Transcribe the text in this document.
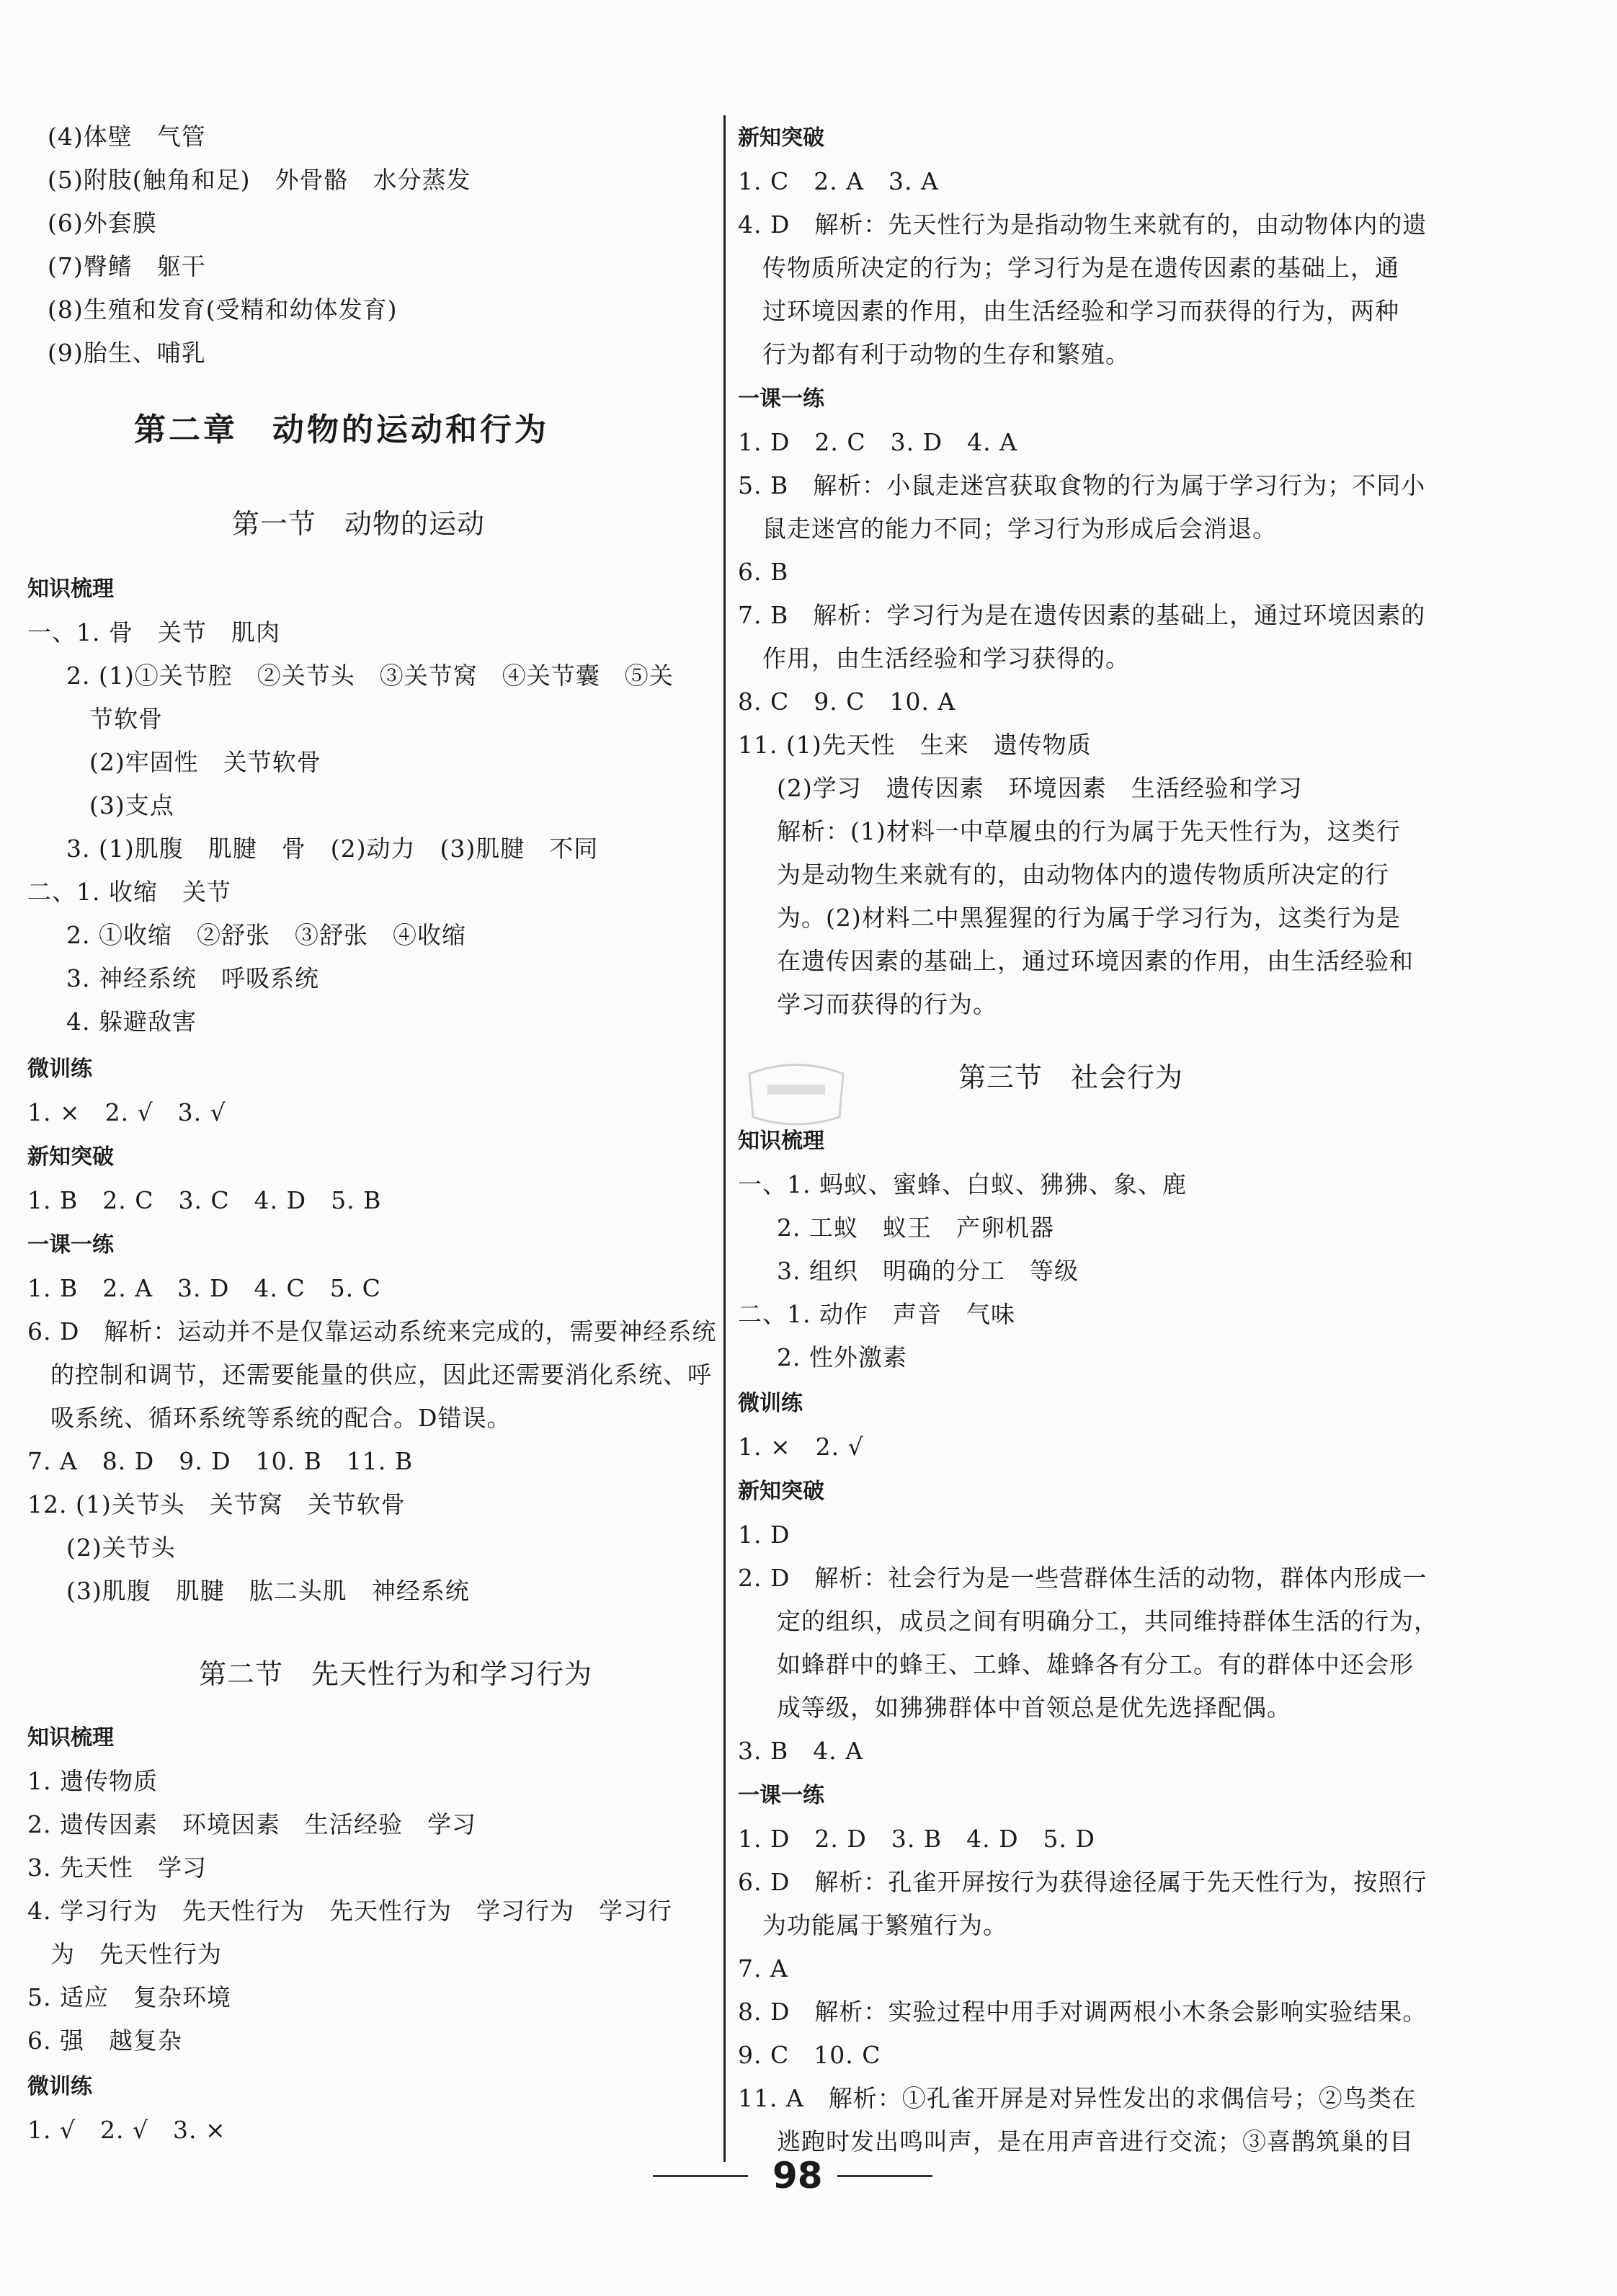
(4)体壁　气管
(5)附肢(触角和足)　外骨骼　水分蒸发
(6)外套膜
(7)臀鳍　躯干
(8)生殖和发育(受精和幼体发育)
(9)胎生、哺乳
第二章　动物的运动和行为
第一节　动物的运动
知识梳理
一、1. 骨　关节　肌肉
2. (1)①关节腔　②关节头　③关节窝　④关节囊　⑤关
节软骨
(2)牢固性　关节软骨
(3)支点
3. (1)肌腹　肌腱　骨　(2)动力　(3)肌腱　不同
二、1. 收缩　关节
2. ①收缩　②舒张　③舒张　④收缩
3. 神经系统　呼吸系统
4. 躲避敌害
微训练
1. ×　2. √　3. √
新知突破
1. B　2. C　3. C　4. D　5. B
一课一练
1. B　2. A　3. D　4. C　5. C
6. D　解析：运动并不是仅靠运动系统来完成的，需要神经系统
的控制和调节，还需要能量的供应，因此还需要消化系统、呼
吸系统、循环系统等系统的配合。D错误。
7. A　8. D　9. D　10. B　11. B
12. (1)关节头　关节窝　关节软骨
(2)关节头
(3)肌腹　肌腱　肱二头肌　神经系统
第二节　先天性行为和学习行为
知识梳理
1. 遗传物质
2. 遗传因素　环境因素　生活经验　学习
3. 先天性　学习
4. 学习行为　先天性行为　先天性行为　学习行为　学习行
为　先天性行为
5. 适应　复杂环境
6. 强　越复杂
微训练
1. √　2. √　3. ×
新知突破
1. C　2. A　3. A
4. D　解析：先天性行为是指动物生来就有的，由动物体内的遗
传物质所决定的行为；学习行为是在遗传因素的基础上，通
过环境因素的作用，由生活经验和学习而获得的行为，两种
行为都有利于动物的生存和繁殖。
一课一练
1. D　2. C　3. D　4. A
5. B　解析：小鼠走迷宫获取食物的行为属于学习行为；不同小
鼠走迷宫的能力不同；学习行为形成后会消退。
6. B
7. B　解析：学习行为是在遗传因素的基础上，通过环境因素的
作用，由生活经验和学习获得的。
8. C　9. C　10. A
11. (1)先天性　生来　遗传物质
(2)学习　遗传因素　环境因素　生活经验和学习
解析：(1)材料一中草履虫的行为属于先天性行为，这类行
为是动物生来就有的，由动物体内的遗传物质所决定的行
为。(2)材料二中黑猩猩的行为属于学习行为，这类行为是
在遗传因素的基础上，通过环境因素的作用，由生活经验和
学习而获得的行为。
第三节　社会行为
知识梳理
一、1. 蚂蚁、蜜蜂、白蚁、狒狒、象、鹿
2. 工蚁　蚁王　产卵机器
3. 组织　明确的分工　等级
二、1. 动作　声音　气味
2. 性外激素
微训练
1. ×　2. √
新知突破
1. D
2. D　解析：社会行为是一些营群体生活的动物，群体内形成一
定的组织，成员之间有明确分工，共同维持群体生活的行为，
如蜂群中的蜂王、工蜂、雄蜂各有分工。有的群体中还会形
成等级，如狒狒群体中首领总是优先选择配偶。
3. B　4. A
一课一练
1. D　2. D　3. B　4. D　5. D
6. D　解析：孔雀开屏按行为获得途径属于先天性行为，按照行
为功能属于繁殖行为。
7. A
8. D　解析：实验过程中用手对调两根小木条会影响实验结果。
9. C　10. C
11. A　解析：①孔雀开屏是对异性发出的求偶信号；②鸟类在
逃跑时发出鸣叫声，是在用声音进行交流；③喜鹊筑巢的目
98
